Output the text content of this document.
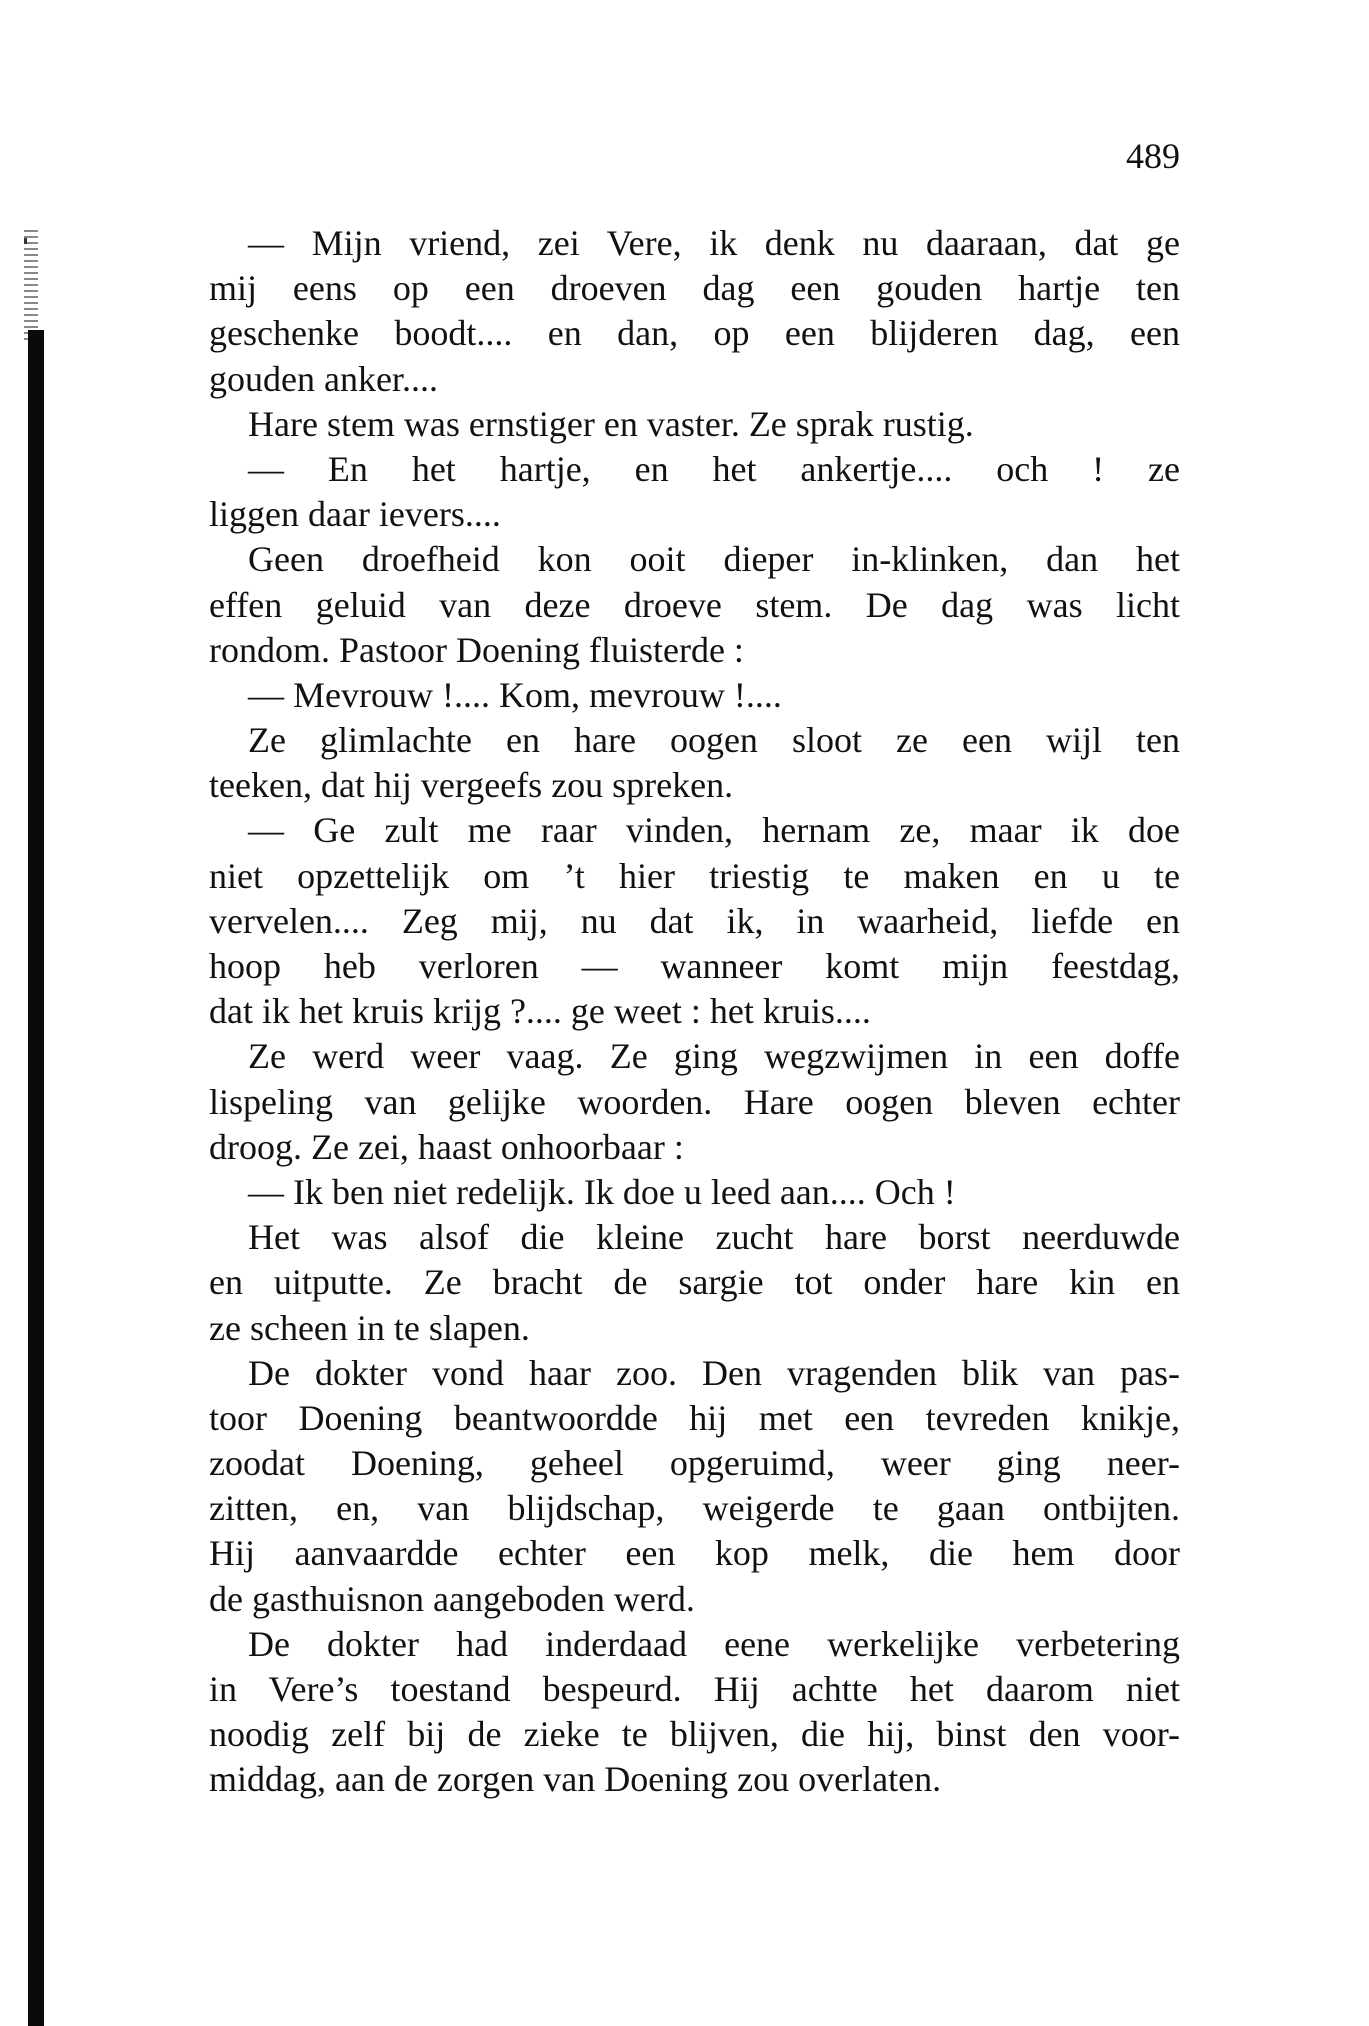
489
— Mijn vriend, zei Vere, ik denk nu daaraan, dat ge
mij eens op een droeven dag een gouden hartje ten
geschenke boodt.... en dan, op een blijderen dag, een
gouden anker....
Hare stem was ernstiger en vaster. Ze sprak rustig.
— En het hartje, en het ankertje.... och ! ze
liggen daar ievers....
Geen droefheid kon ooit dieper in-klinken, dan het
effen geluid van deze droeve stem. De dag was licht
rondom. Pastoor Doening fluisterde :
— Mevrouw !.... Kom, mevrouw !....
Ze glimlachte en hare oogen sloot ze een wijl ten
teeken, dat hij vergeefs zou spreken.
— Ge zult me raar vinden, hernam ze, maar ik doe
niet opzettelijk om ’t hier triestig te maken en u te
vervelen.... Zeg mij, nu dat ik, in waarheid, liefde en
hoop heb verloren — wanneer komt mijn feestdag,
dat ik het kruis krijg ?.... ge weet : het kruis....
Ze werd weer vaag. Ze ging wegzwijmen in een doffe
lispeling van gelijke woorden. Hare oogen bleven echter
droog. Ze zei, haast onhoorbaar :
— Ik ben niet redelijk. Ik doe u leed aan.... Och !
Het was alsof die kleine zucht hare borst neerduwde
en uitputte. Ze bracht de sargie tot onder hare kin en
ze scheen in te slapen.
De dokter vond haar zoo. Den vragenden blik van pas-
toor Doening beantwoordde hij met een tevreden knikje,
zoodat Doening, geheel opgeruimd, weer ging neer-
zitten, en, van blijdschap, weigerde te gaan ontbijten.
Hij aanvaardde echter een kop melk, die hem door
de gasthuisnon aangeboden werd.
De dokter had inderdaad eene werkelijke verbetering
in Vere’s toestand bespeurd. Hij achtte het daarom niet
noodig zelf bij de zieke te blijven, die hij, binst den voor-
middag, aan de zorgen van Doening zou overlaten.
